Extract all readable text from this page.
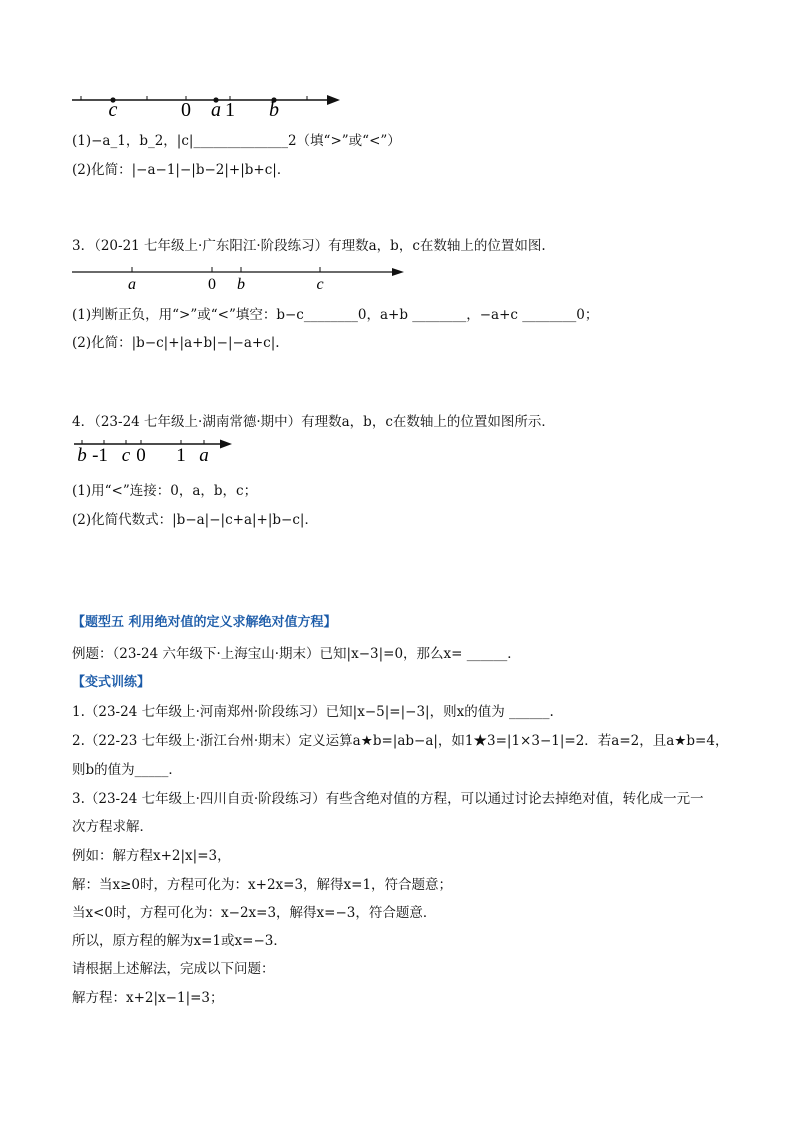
c	0 a 1 b
(1)−a_1，b_2，|c|______________2（填“>”或“<”）
(2)化简：|−a−1|−|b−2|+|b+c|．
3．（20-21 七年级上·广东阳江·阶段练习）有理数a，b，c在数轴上的位置如图.
a	0 b	c
(1)判断正负，用“>”或“<”填空：b−c________0，a+b ________，−a+c ________0；
(2)化简：|b−c|+|a+b|−|−a+c|.
4．（23-24 七年级上·湖南常德·期中）有理数a，b，c在数轴上的位置如图所示．
b -1 c 0 1 a
(1)用“<”连接：0，a，b，c；
(2)化简代数式：|b−a|−|c+a|+|b−c|．
【题型五 利用绝对值的定义求解绝对值方程】
例题：（23-24 六年级下·上海宝山·期末）已知|x−3|=0，那么x= ______．
【变式训练】
1.（23-24 七年级上·河南郑州·阶段练习）已知|x−5|=|−3|，则x的值为 ______.
2.（22-23 七年级上·浙江台州·期末）定义运算a★b=|ab−a|，如1★3=|1×3−1|=2．若a=2，且a★b=4，
则b的值为_____．
3.（23-24 七年级上·四川自贡·阶段练习）有些含绝对值的方程，可以通过讨论去掉绝对值，转化成一元一
次方程求解．
例如：解方程x+2|x|=3，
解：当x≥0时，方程可化为：x+2x=3，解得x=1，符合题意；
当x<0时，方程可化为：x−2x=3，解得x=−3，符合题意．
所以，原方程的解为x=1或x=−3．
请根据上述解法，完成以下问题：
解方程：x+2|x−1|=3；
